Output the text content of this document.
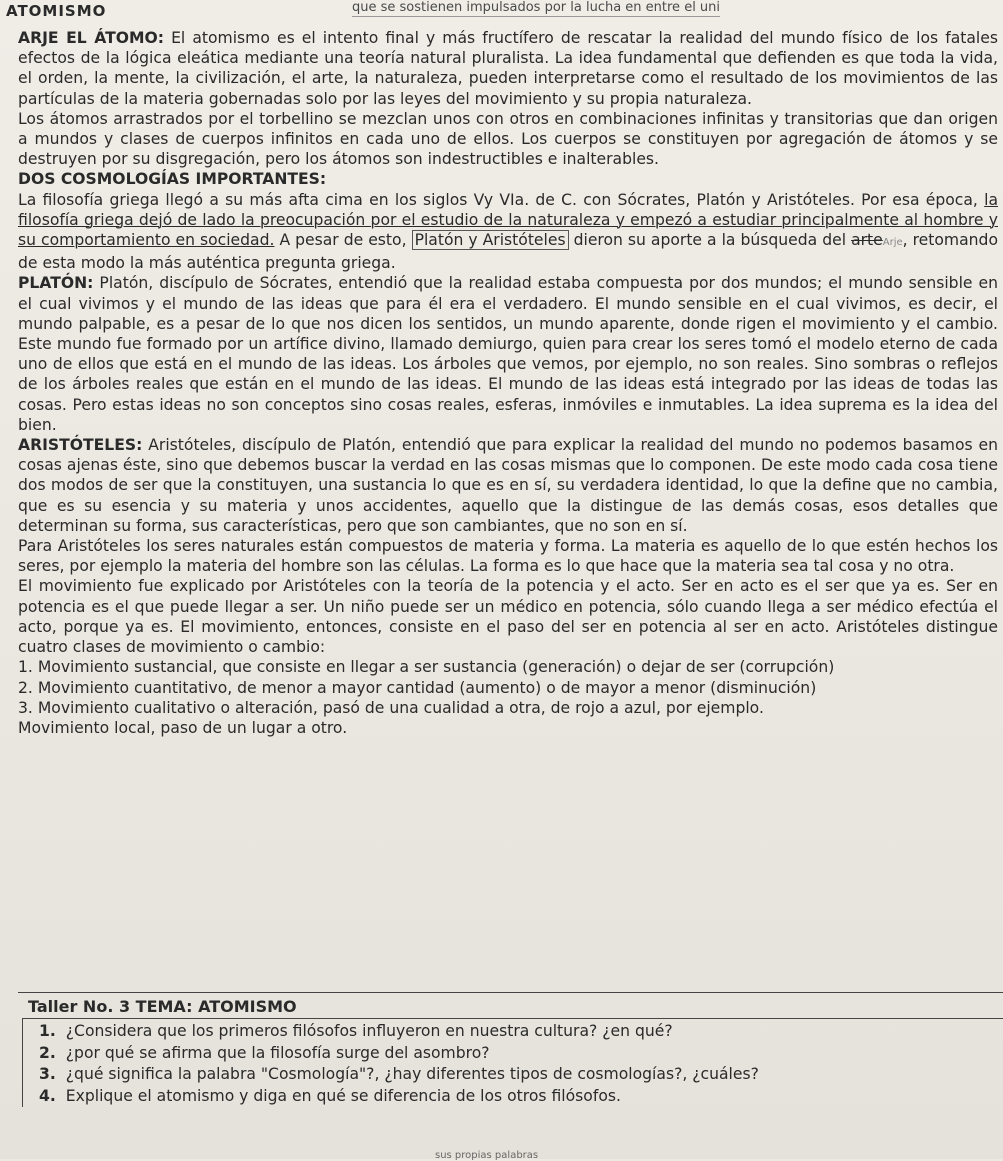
ATOMISMO	que se sostienen impulsados por la lucha en entre el uni

ARJE EL ÁTOMO: El atomismo es el intento final y más fructífero de rescatar la realidad del mundo físico de los fatales efectos de la lógica eleática mediante una teoría natural pluralista. La idea fundamental que defienden es que toda la vida, el orden, la mente, la civilización, el arte, la naturaleza, pueden interpretarse como el resultado de los movimientos de las partículas de la materia gobernadas solo por las leyes del movimiento y su propia naturaleza.

Los átomos arrastrados por el torbellino se mezclan unos con otros en combinaciones infinitas y transitorias que dan origen a mundos y clases de cuerpos infinitos en cada uno de ellos. Los cuerpos se constituyen por agregación de átomos y se destruyen por su disgregación, pero los átomos son indestructibles e inalterables.

DOS COSMOLOGÍAS IMPORTANTES:

La filosofía griega llegó a su más afta cima en los siglos Vy VIa. de C. con Sócrates, Platón y Aristóteles. Por esa época, la filosofía griega dejó de lado la preocupación por el estudio de la naturaleza y empezó a estudiar principalmente al hombre y su comportamiento en sociedad. A pesar de esto, Platón y Aristóteles dieron su aporte a la búsqueda del arteArje, retomando de esta modo la más auténtica pregunta griega.

PLATÓN: Platón, discípulo de Sócrates, entendió que la realidad estaba compuesta por dos mundos; el mundo sensible en el cual vivimos y el mundo de las ideas que para él era el verdadero. El mundo sensible en el cual vivimos, es decir, el mundo palpable, es a pesar de lo que nos dicen los sentidos, un mundo aparente, donde rigen el movimiento y el cambio. Este mundo fue formado por un artífice divino, llamado demiurgo, quien para crear los seres tomó el modelo eterno de cada uno de ellos que está en el mundo de las ideas. Los árboles que vemos, por ejemplo, no son reales. Sino sombras o reflejos de los árboles reales que están en el mundo de las ideas. El mundo de las ideas está integrado por las ideas de todas las cosas. Pero estas ideas no son conceptos sino cosas reales, esferas, inmóviles e inmutables. La idea suprema es la idea del bien.

ARISTÓTELES: Aristóteles, discípulo de Platón, entendió que para explicar la realidad del mundo no podemos basamos en cosas ajenas éste, sino que debemos buscar la verdad en las cosas mismas que lo componen. De este modo cada cosa tiene dos modos de ser que la constituyen, una sustancia lo que es en sí, su verdadera identidad, lo que la define que no cambia, que es su esencia y su materia y unos accidentes, aquello que la distingue de las demás cosas, esos detalles que determinan su forma, sus características, pero que son cambiantes, que no son en sí.

Para Aristóteles los seres naturales están compuestos de materia y forma. La materia es aquello de lo que estén hechos los seres, por ejemplo la materia del hombre son las células. La forma es lo que hace que la materia sea tal cosa y no otra.

El movimiento fue explicado por Aristóteles con la teoría de la potencia y el acto. Ser en acto es el ser que ya es. Ser en potencia es el que puede llegar a ser. Un niño puede ser un médico en potencia, sólo cuando llega a ser médico efectúa el acto, porque ya es. El movimiento, entonces, consiste en el paso del ser en potencia al ser en acto. Aristóteles distingue cuatro clases de movimiento o cambio:

1. Movimiento sustancial, que consiste en llegar a ser sustancia (generación) o dejar de ser (corrupción)

2. Movimiento cuantitativo, de menor a mayor cantidad (aumento) o de mayor a menor (disminución)

3. Movimiento cualitativo o alteración, pasó de una cualidad a otra, de rojo a azul, por ejemplo.

Movimiento local, paso de un lugar a otro.

Taller No. 3 TEMA: ATOMISMO
1. ¿Considera que los primeros filósofos influyeron en nuestra cultura? ¿en qué?
2. ¿por qué se afirma que la filosofía surge del asombro?
3. ¿qué significa la palabra "Cosmología"?, ¿hay diferentes tipos de cosmologías?, ¿cuáles?
4. Explique el atomismo y diga en qué se diferencia de los otros filósofos.
sus propias palabras
